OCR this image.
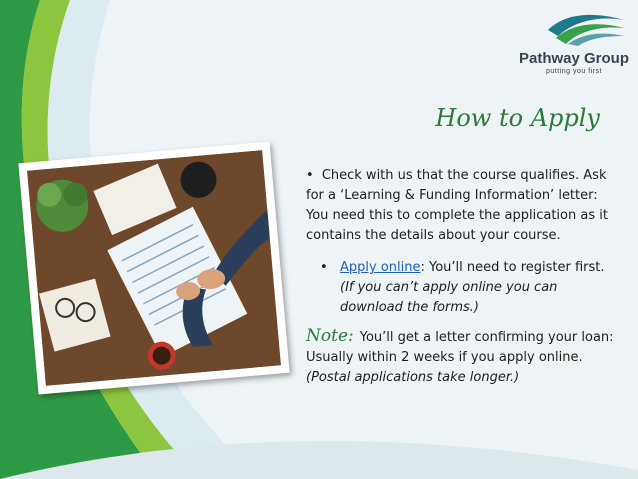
Pathway Group
putting you first
How to Apply

• Check with us that the course qualifies. Ask for a ‘Learning & Funding Information’ letter: You need this to complete the application as it contains the details about your course.

• Apply online: You’ll need to register first. (If you can’t apply online you can download the forms.)

Note: You’ll get a letter confirming your loan: Usually within 2 weeks if you apply online. (Postal applications take longer.)
